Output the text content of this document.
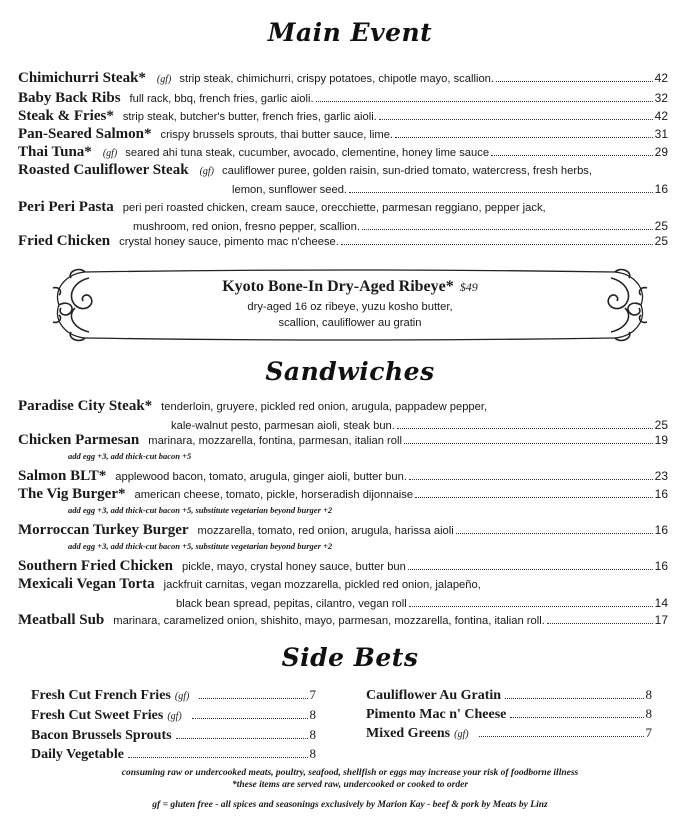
Main Event
Chimichurri Steak* (gf) strip steak, chimichurri, crispy potatoes, chipotle mayo, scallion.	42
Baby Back Ribs full rack, bbq, french fries, garlic aioli.	32
Steak & Fries* strip steak, butcher's butter, french fries, garlic aioli.	42
Pan-Seared Salmon* crispy brussels sprouts, thai butter sauce, lime.	31
Thai Tuna* (gf) seared ahi tuna steak, cucumber, avocado, clementine, honey lime sauce	29
Roasted Cauliflower Steak (gf) cauliflower puree, golden raisin, sun-dried tomato, watercress, fresh herbs,
lemon, sunflower seed.	16
Peri Peri Pasta peri peri roasted chicken, cream sauce, orecchiette, parmesan reggiano, pepper jack,
mushroom, red onion, fresno pepper, scallion.	25
Fried Chicken crystal honey sauce, pimento mac n'cheese.	25
Kyoto Bone-In Dry-Aged Ribeye* $49
dry-aged 16 oz ribeye, yuzu kosho butter,
scallion, cauliflower au gratin
Sandwiches
Paradise City Steak* tenderloin, gruyere, pickled red onion, arugula, pappadew pepper,
kale-walnut pesto, parmesan aioli, steak bun.	25
Chicken Parmesan marinara, mozzarella, fontina, parmesan, italian roll	19
add egg +3, add thick-cut bacon +5
Salmon BLT* applewood bacon, tomato, arugula, ginger aioli, butter bun.	23
The Vig Burger* american cheese, tomato, pickle, horseradish dijonnaise	16
add egg +3, add thick-cut bacon +5, substitute vegetarian beyond burger +2
Morroccan Turkey Burger mozzarella, tomato, red onion, arugula, harissa aioli	16
add egg +3, add thick-cut bacon +5, substitute vegetarian beyond burger +2
Southern Fried Chicken pickle, mayo, crystal honey sauce, butter bun	16
Mexicali Vegan Torta jackfruit carnitas, vegan mozzarella, pickled red onion, jalapeño,
black bean spread, pepitas, cilantro, vegan roll	14
Meatball Sub marinara, caramelized onion, shishito, mayo, parmesan, mozzarella, fontina, italian roll.	17
Side Bets
Fresh Cut French Fries (gf)	7
Fresh Cut Sweet Fries (gf)	8
Bacon Brussels Sprouts	8
Daily Vegetable	8
Cauliflower Au Gratin	8
Pimento Mac n' Cheese	8
Mixed Greens (gf)	7
consuming raw or undercooked meats, poultry, seafood, shellfish or eggs may increase your risk of foodborne illness
*these items are served raw, undercooked or cooked to order
gf = gluten free - all spices and seasonings exclusively by Marion Kay - beef & pork by Meats by Linz
